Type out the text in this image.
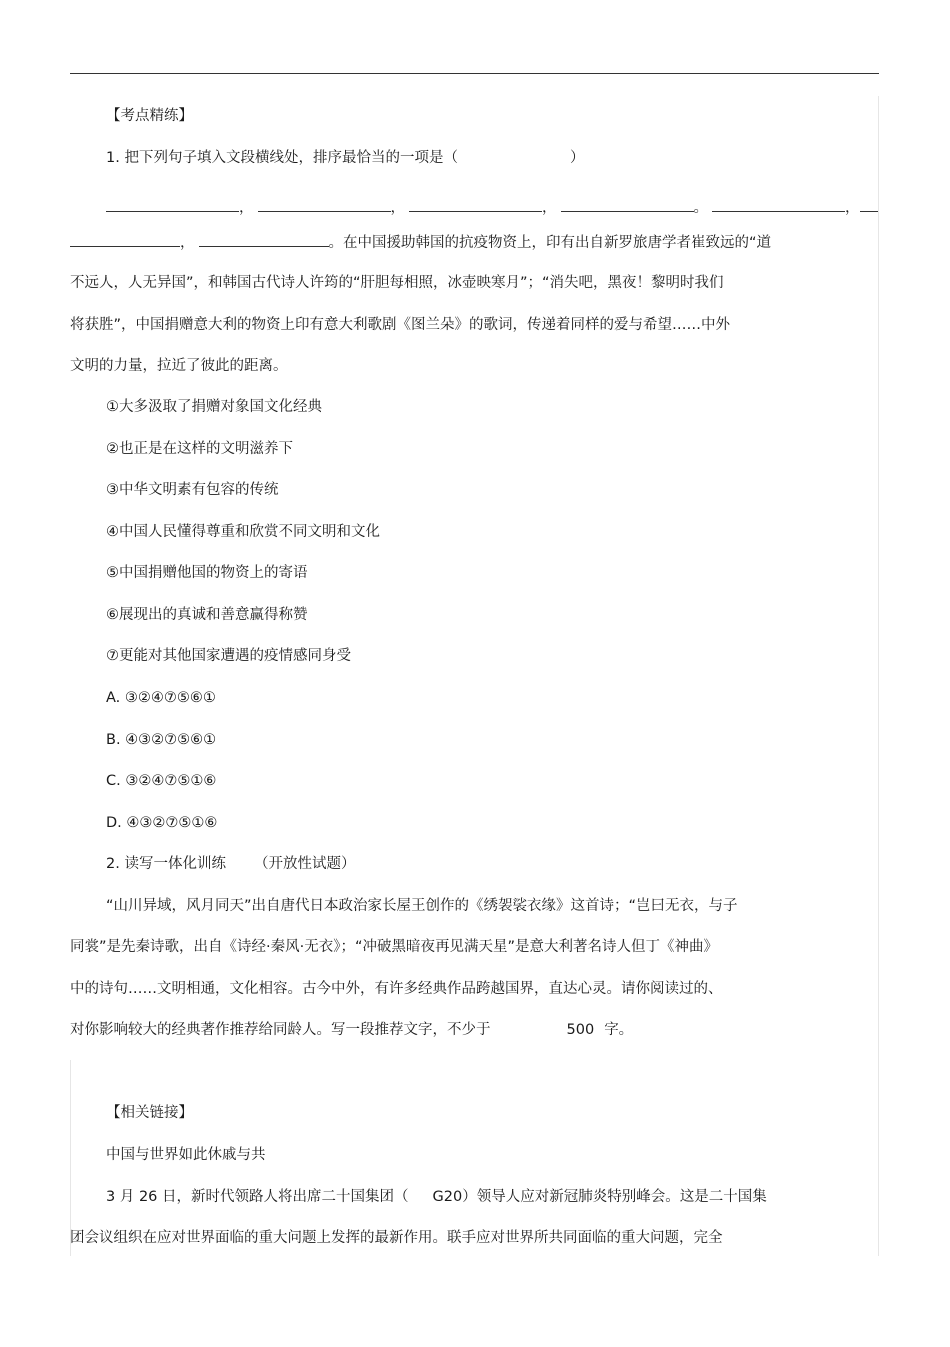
【考点精练】
1. 把下列句子填入文段横线处，排序最恰当的一项是（	）
，	，	，	。	，
，	。在中国援助韩国的抗疫物资上，印有出自新罗旅唐学者崔致远的“道
不远人，人无异国”，和韩国古代诗人许筠的“肝胆每相照，冰壶映寒月”；“消失吧，黑夜！黎明时我们
将获胜”，中国捐赠意大利的物资上印有意大利歌剧《图兰朵》的歌词，传递着同样的爱与希望……中外
文明的力量，拉近了彼此的距离。
①大多汲取了捐赠对象国文化经典
②也正是在这样的文明滋养下
③中华文明素有包容的传统
④中国人民懂得尊重和欣赏不同文明和文化
⑤中国捐赠他国的物资上的寄语
⑥展现出的真诚和善意赢得称赞
⑦更能对其他国家遭遇的疫情感同身受
A. ③②④⑦⑤⑥①
B. ④③②⑦⑤⑥①
C. ③②④⑦⑤①⑥
D. ④③②⑦⑤①⑥
2. 读写一体化训练 （开放性试题）
“山川异域，风月同天”出自唐代日本政治家长屋王创作的《绣袈裟衣缘》这首诗；“岂曰无衣，与子
同裳”是先秦诗歌，出自《诗经·秦风·无衣》；“冲破黑暗夜再见满天星”是意大利著名诗人但丁《神曲》
中的诗句……文明相通，文化相容。古今中外，有许多经典作品跨越国界，直达心灵。请你阅读过的、
对你影响较大的经典著作推荐给同龄人。写一段推荐文字，不少于	500 字。
【相关链接】
中国与世界如此休戚与共
3 月 26 日，新时代领路人将出席二十国集团（ G20）领导人应对新冠肺炎特别峰会。这是二十国集
团会议组织在应对世界面临的重大问题上发挥的最新作用。联手应对世界所共同面临的重大问题，完全
